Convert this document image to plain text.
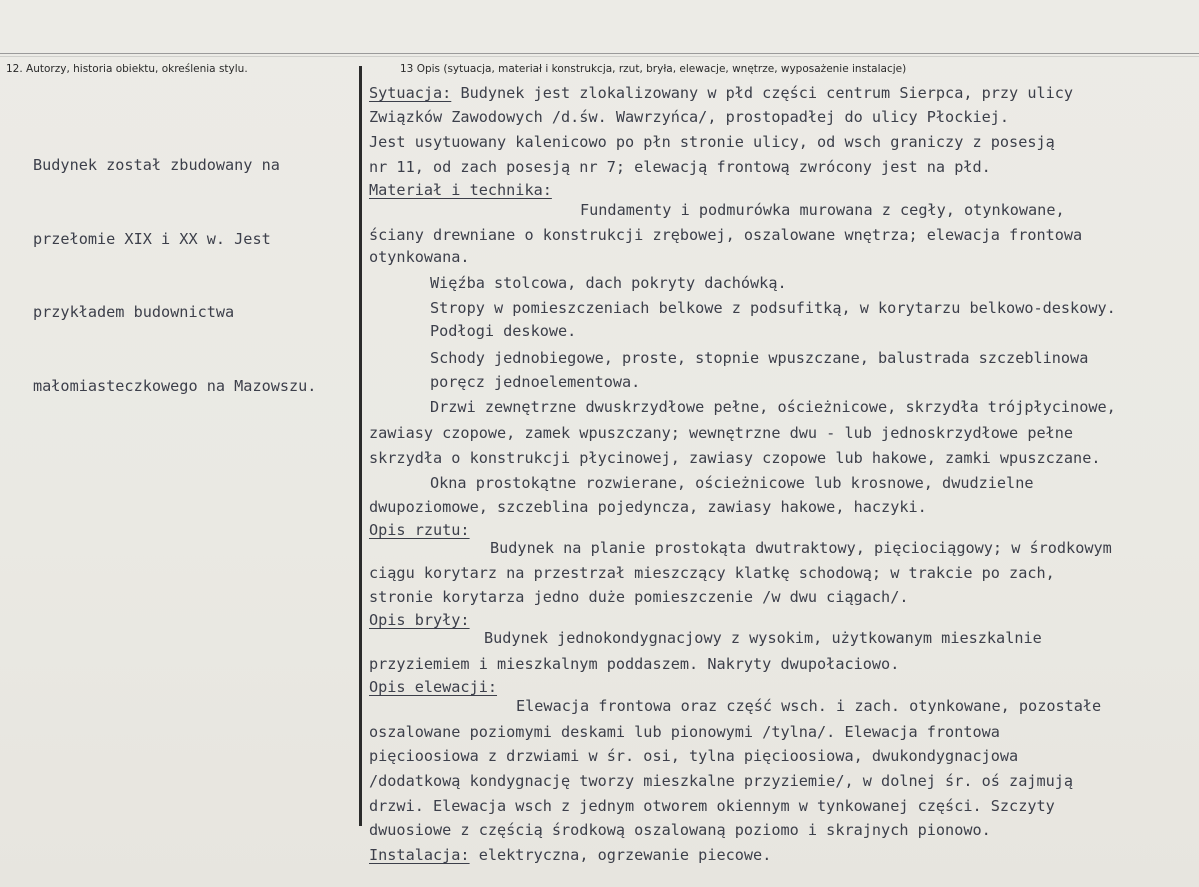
12. Autorzy, historia obiektu, określenia stylu.	13 Opis (sytuacja, materiał i konstrukcja, rzut, bryła, elewacje, wnętrze, wyposażenie instalacje)

Budynek został zbudowany na

przełomie XIX i XX w. Jest

przykładem budownictwa

małomiasteczkowego na Mazowszu.

Sytuacja: Budynek jest zlokalizowany w płd części centrum Sierpca, przy ulicy
Związków Zawodowych /d.św. Wawrzyńca/, prostopadłej do ulicy Płockiej.
Jest usytuowany kalenicowo po płn stronie ulicy, od wsch graniczy z posesją
nr 11, od zach posesją nr 7; elewacją frontową zwrócony jest na płd.
Materiał i technika:
Fundamenty i podmurówka murowana z cegły, otynkowane,
ściany drewniane o konstrukcji zrębowej, oszalowane wnętrza; elewacja frontowa
otynkowana.
Więźba stolcowa, dach pokryty dachówką.
Stropy w pomieszczeniach belkowe z podsufitką, w korytarzu belkowo-deskowy.
Podłogi deskowe.
Schody jednobiegowe, proste, stopnie wpuszczane, balustrada szczeblinowa
poręcz jednoelementowa.
Drzwi zewnętrzne dwuskrzydłowe pełne, ościeżnicowe, skrzydła trójpłycinowe,
zawiasy czopowe, zamek wpuszczany; wewnętrzne dwu - lub jednoskrzydłowe pełne
skrzydła o konstrukcji płycinowej, zawiasy czopowe lub hakowe, zamki wpuszczane.
Okna prostokątne rozwierane, ościeżnicowe lub krosnowe, dwudzielne
dwupoziomowe, szczeblina pojedyncza, zawiasy hakowe, haczyki.
Opis rzutu:
Budynek na planie prostokąta dwutraktowy, pięciociągowy; w środkowym
ciągu korytarz na przestrzał mieszczący klatkę schodową; w trakcie po zach,
stronie korytarza jedno duże pomieszczenie /w dwu ciągach/.
Opis bryły:
Budynek jednokondygnacjowy z wysokim, użytkowanym mieszkalnie
przyziemiem i mieszkalnym poddaszem. Nakryty dwupołaciowo.
Opis elewacji:
Elewacja frontowa oraz część wsch. i zach. otynkowane, pozostałe
oszalowane poziomymi deskami lub pionowymi /tylna/. Elewacja frontowa
pięcioosiowa z drzwiami w śr. osi, tylna pięcioosiowa, dwukondygnacjowa
/dodatkową kondygnację tworzy mieszkalne przyziemie/, w dolnej śr. oś zajmują
drzwi. Elewacja wsch z jednym otworem okiennym w tynkowanej części. Szczyty
dwuosiowe z częścią środkową oszalowaną poziomo i skrajnych pionowo.
Instalacja: elektryczna, ogrzewanie piecowe.
